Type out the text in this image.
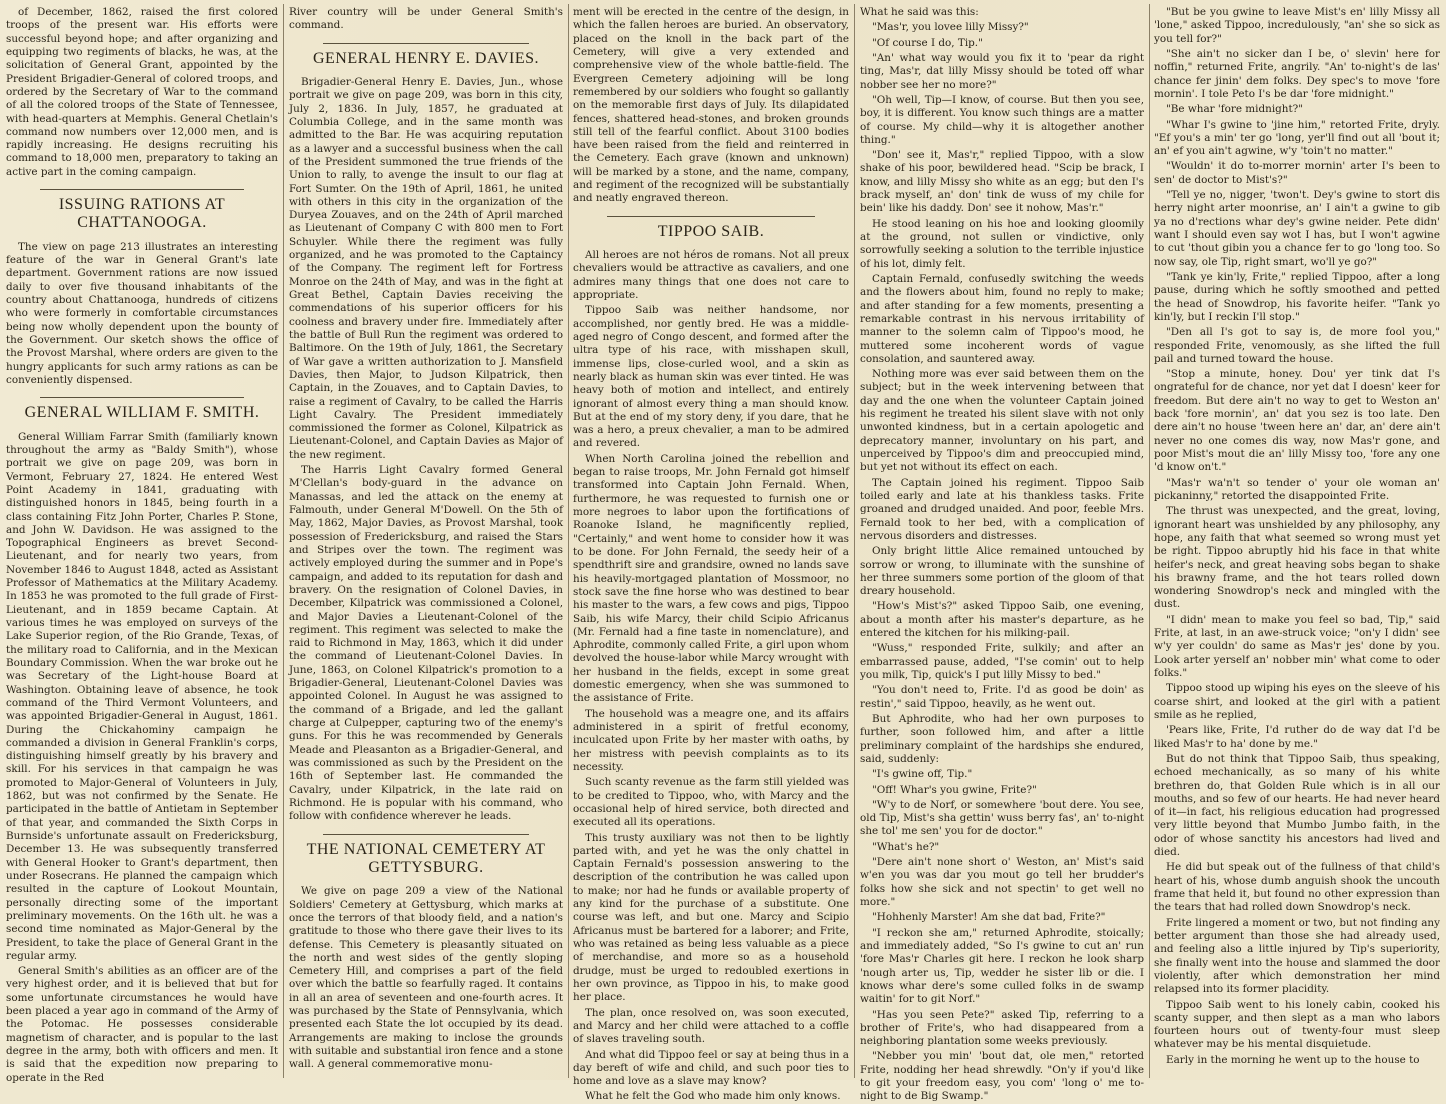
of December, 1862, raised the first colored troops of the present war. His efforts were successful beyond hope; and after organizing and equipping two regiments of blacks, he was, at the solicitation of General Grant, appointed by the President Brigadier-General of colored troops, and ordered by the Secretary of War to the command of all the colored troops of the State of Tennessee, with head-quarters at Memphis. General Chetlain's command now numbers over 12,000 men, and is rapidly increasing. He designs recruiting his command to 18,000 men, preparatory to taking an active part in the coming campaign.

ISSUING RATIONS AT CHATTANOOGA.

The view on page 213 illustrates an interesting feature of the war in General Grant's late department. Government rations are now issued daily to over five thousand inhabitants of the country about Chattanooga, hundreds of citizens who were formerly in comfortable circumstances being now wholly dependent upon the bounty of the Government. Our sketch shows the office of the Provost Marshal, where orders are given to the hungry applicants for such army rations as can be conveniently dispensed.

GENERAL WILLIAM F. SMITH.

General William Farrar Smith (familiarly known throughout the army as "Baldy Smith"), whose portrait we give on page 209, was born in Vermont, February 27, 1824. He entered West Point Academy in 1841, graduating with distinguished honors in 1845, being fourth in a class containing Fitz John Porter, Charles P. Stone, and John W. Davidson. He was assigned to the Topographical Engineers as brevet Second-Lieutenant, and for nearly two years, from November 1846 to August 1848, acted as Assistant Professor of Mathematics at the Military Academy. In 1853 he was promoted to the full grade of First-Lieutenant, and in 1859 became Captain. At various times he was employed on surveys of the Lake Superior region, of the Rio Grande, Texas, of the military road to California, and in the Mexican Boundary Commission. When the war broke out he was Secretary of the Light-house Board at Washington. Obtaining leave of absence, he took command of the Third Vermont Volunteers, and was appointed Brigadier-General in August, 1861. During the Chickahominy campaign he commanded a division in General Franklin's corps, distinguishing himself greatly by his bravery and skill. For his services in that campaign he was promoted to Major-General of Volunteers in July, 1862, but was not confirmed by the Senate. He participated in the battle of Antietam in September of that year, and commanded the Sixth Corps in Burnside's unfortunate assault on Fredericksburg, December 13. He was subsequently transferred with General Hooker to Grant's department, then under Rosecrans. He planned the campaign which resulted in the capture of Lookout Mountain, personally directing some of the important preliminary movements. On the 16th ult. he was a second time nominated as Major-General by the President, to take the place of General Grant in the regular army.

General Smith's abilities as an officer are of the very highest order, and it is believed that but for some unfortunate circumstances he would have been placed a year ago in command of the Army of the Potomac. He possesses considerable magnetism of character, and is popular to the last degree in the army, both with officers and men. It is said that the expedition now preparing to operate in the Red

River country will be under General Smith's command.

GENERAL HENRY E. DAVIES.

Brigadier-General Henry E. Davies, Jun., whose portrait we give on page 209, was born in this city, July 2, 1836. In July, 1857, he graduated at Columbia College, and in the same month was admitted to the Bar. He was acquiring reputation as a lawyer and a successful business when the call of the President summoned the true friends of the Union to rally, to avenge the insult to our flag at Fort Sumter. On the 19th of April, 1861, he united with others in this city in the organization of the Duryea Zouaves, and on the 24th of April marched as Lieutenant of Company C with 800 men to Fort Schuyler. While there the regiment was fully organized, and he was promoted to the Captaincy of the Company. The regiment left for Fortress Monroe on the 24th of May, and was in the fight at Great Bethel, Captain Davies receiving the commendations of his superior officers for his coolness and bravery under fire. Immediately after the battle of Bull Run the regiment was ordered to Baltimore. On the 19th of July, 1861, the Secretary of War gave a written authorization to J. Mansfield Davies, then Major, to Judson Kilpatrick, then Captain, in the Zouaves, and to Captain Davies, to raise a regiment of Cavalry, to be called the Harris Light Cavalry. The President immediately commissioned the former as Colonel, Kilpatrick as Lieutenant-Colonel, and Captain Davies as Major of the new regiment.

The Harris Light Cavalry formed General M'Clellan's body-guard in the advance on Manassas, and led the attack on the enemy at Falmouth, under General M'Dowell. On the 5th of May, 1862, Major Davies, as Provost Marshal, took possession of Fredericksburg, and raised the Stars and Stripes over the town. The regiment was actively employed during the summer and in Pope's campaign, and added to its reputation for dash and bravery. On the resignation of Colonel Davies, in December, Kilpatrick was commissioned a Colonel, and Major Davies a Lieutenant-Colonel of the regiment. This regiment was selected to make the raid to Richmond in May, 1863, which it did under the command of Lieutenant-Colonel Davies. In June, 1863, on Colonel Kilpatrick's promotion to a Brigadier-General, Lieutenant-Colonel Davies was appointed Colonel. In August he was assigned to the command of a Brigade, and led the gallant charge at Culpepper, capturing two of the enemy's guns. For this he was recommended by Generals Meade and Pleasanton as a Brigadier-General, and was commissioned as such by the President on the 16th of September last. He commanded the Cavalry, under Kilpatrick, in the late raid on Richmond. He is popular with his command, who follow with confidence wherever he leads.

THE NATIONAL CEMETERY AT GETTYSBURG.

We give on page 209 a view of the National Soldiers' Cemetery at Gettysburg, which marks at once the terrors of that bloody field, and a nation's gratitude to those who there gave their lives to its defense. This Cemetery is pleasantly situated on the north and west sides of the gently sloping Cemetery Hill, and comprises a part of the field over which the battle so fearfully raged. It contains in all an area of seventeen and one-fourth acres. It was purchased by the State of Pennsylvania, which presented each State the lot occupied by its dead. Arrangements are making to inclose the grounds with suitable and substantial iron fence and a stone wall. A general commemorative monu-

ment will be erected in the centre of the design, in which the fallen heroes are buried. An observatory, placed on the knoll in the back part of the Cemetery, will give a very extended and comprehensive view of the whole battle-field. The Evergreen Cemetery adjoining will be long remembered by our soldiers who fought so gallantly on the memorable first days of July. Its dilapidated fences, shattered head-stones, and broken grounds still tell of the fearful conflict. About 3100 bodies have been raised from the field and reinterred in the Cemetery. Each grave (known and unknown) will be marked by a stone, and the name, company, and regiment of the recognized will be substantially and neatly engraved thereon.

TIPPOO SAIB.

All heroes are not héros de romans. Not all preux chevaliers would be attractive as cavaliers, and one admires many things that one does not care to appropriate.

Tippoo Saib was neither handsome, nor accomplished, nor gently bred. He was a middle-aged negro of Congo descent, and formed after the ultra type of his race, with misshapen skull, immense lips, close-curled wool, and a skin as nearly black as human skin was ever tinted. He was heavy both of motion and intellect, and entirely ignorant of almost every thing a man should know. But at the end of my story deny, if you dare, that he was a hero, a preux chevalier, a man to be admired and revered.

When North Carolina joined the rebellion and began to raise troops, Mr. John Fernald got himself transformed into Captain John Fernald. When, furthermore, he was requested to furnish one or more negroes to labor upon the fortifications of Roanoke Island, he magnificently replied, "Certainly," and went home to consider how it was to be done. For John Fernald, the seedy heir of a spendthrift sire and grandsire, owned no lands save his heavily-mortgaged plantation of Mossmoor, no stock save the fine horse who was destined to bear his master to the wars, a few cows and pigs, Tippoo Saib, his wife Marcy, their child Scipio Africanus (Mr. Fernald had a fine taste in nomenclature), and Aphrodite, commonly called Frite, a girl upon whom devolved the house-labor while Marcy wrought with her husband in the fields, except in some great domestic emergency, when she was summoned to the assistance of Frite.

The household was a meagre one, and its affairs administered in a spirit of fretful economy, inculcated upon Frite by her master with oaths, by her mistress with peevish complaints as to its necessity.

Such scanty revenue as the farm still yielded was to be credited to Tippoo, who, with Marcy and the occasional help of hired service, both directed and executed all its operations.

This trusty auxiliary was not then to be lightly parted with, and yet he was the only chattel in Captain Fernald's possession answering to the description of the contribution he was called upon to make; nor had he funds or available property of any kind for the purchase of a substitute. One course was left, and but one. Marcy and Scipio Africanus must be bartered for a laborer; and Frite, who was retained as being less valuable as a piece of merchandise, and more so as a household drudge, must be urged to redoubled exertions in her own province, as Tippoo in his, to make good her place.

The plan, once resolved on, was soon executed, and Marcy and her child were attached to a coffle of slaves traveling south.

And what did Tippoo feel or say at being thus in a day bereft of wife and child, and such poor ties to home and love as a slave may know?

What he felt the God who made him only knows.

What he said was this:

"Mas'r, you lovee lilly Missy?"

"Of course I do, Tip."

"An' what way would you fix it to 'pear da right ting, Mas'r, dat lilly Missy should be toted off whar nobber see her no more?"

"Oh well, Tip—I know, of course. But then you see, boy, it is different. You know such things are a matter of course. My child—why it is altogether another thing."

"Don' see it, Mas'r," replied Tippoo, with a slow shake of his poor, bewildered head. "Scip be brack, I know, and lilly Missy sho white as an egg; but den I's brack myself, an' don' tink de wuss of my chile for bein' like his daddy. Don' see it nohow, Mas'r."

He stood leaning on his hoe and looking gloomily at the ground, not sullen or vindictive, only sorrowfully seeking a solution to the terrible injustice of his lot, dimly felt.

Captain Fernald, confusedly switching the weeds and the flowers about him, found no reply to make; and after standing for a few moments, presenting a remarkable contrast in his nervous irritability of manner to the solemn calm of Tippoo's mood, he muttered some incoherent words of vague consolation, and sauntered away.

Nothing more was ever said between them on the subject; but in the week intervening between that day and the one when the volunteer Captain joined his regiment he treated his silent slave with not only unwonted kindness, but in a certain apologetic and deprecatory manner, involuntary on his part, and unperceived by Tippoo's dim and preoccupied mind, but yet not without its effect on each.

The Captain joined his regiment. Tippoo Saib toiled early and late at his thankless tasks. Frite groaned and drudged unaided. And poor, feeble Mrs. Fernald took to her bed, with a complication of nervous disorders and distresses.

Only bright little Alice remained untouched by sorrow or wrong, to illuminate with the sunshine of her three summers some portion of the gloom of that dreary household.

"How's Mist's?" asked Tippoo Saib, one evening, about a month after his master's departure, as he entered the kitchen for his milking-pail.

"Wuss," responded Frite, sulkily; and after an embarrassed pause, added, "I'se comin' out to help you milk, Tip, quick's I put lilly Missy to bed."

"You don't need to, Frite. I'd as good be doin' as restin'," said Tippoo, heavily, as he went out.

But Aphrodite, who had her own purposes to further, soon followed him, and after a little preliminary complaint of the hardships she endured, said, suddenly:

"I's gwine off, Tip."

"Off! Whar's you gwine, Frite?"

"W'y to de Norf, or somewhere 'bout dere. You see, old Tip, Mist's sha gettin' wuss berry fas', an' to-night she tol' me sen' you for de doctor."

"What's he?"

"Dere ain't none short o' Weston, an' Mist's said w'en you was dar you mout go tell her brudder's folks how she sick and not spectin' to get well no more."

"Hohhenly Marster! Am she dat bad, Frite?"

"I reckon she am," returned Aphrodite, stoically; and immediately added, "So I's gwine to cut an' run 'fore Mas'r Charles git here. I reckon he look sharp 'nough arter us, Tip, wedder he sister lib or die. I knows whar dere's some culled folks in de swamp waitin' for to git Norf."

"Has you seen Pete?" asked Tip, referring to a brother of Frite's, who had disappeared from a neighboring plantation some weeks previously.

"Nebber you min' 'bout dat, ole men," retorted Frite, nodding her head shrewdly. "On'y if you'd like to git your freedom easy, you com' 'long o' me to-night to de Big Swamp."

"But be you gwine to leave Mist's en' lilly Missy all 'lone," asked Tippoo, incredulously, "an' she so sick as you tell for?"

"She ain't no sicker dan I be, o' slevin' here for noffin," returned Frite, angrily. "An' to-night's de las' chance fer jinin' dem folks. Dey spec's to move 'fore mornin'. I tole Peto I's be dar 'fore midnight."

"Be whar 'fore midnight?"

"Whar I's gwine to 'jine him," retorted Frite, dryly. "Ef you's a min' ter go 'long, yer'll find out all 'bout it; an' ef you ain't agwine, w'y 'toin't no matter."

"Wouldn' it do to-morrer mornin' arter I's been to sen' de doctor to Mist's?"

"Tell ye no, nigger, 'twon't. Dey's gwine to stort dis herry night arter moonrise, an' I ain't a gwine to gib ya no d'rections whar dey's gwine neider. Pete didn' want I should even say wot I has, but I won't agwine to cut 'thout gibin you a chance fer to go 'long too. So now say, ole Tip, right smart, wo'll ye go?"

"Tank ye kin'ly, Frite," replied Tippoo, after a long pause, during which he softly smoothed and petted the head of Snowdrop, his favorite heifer. "Tank yo kin'ly, but I reckin I'll stop."

"Den all I's got to say is, de more fool you," responded Frite, venomously, as she lifted the full pail and turned toward the house.

"Stop a minute, honey. Dou' yer tink dat I's ongrateful for de chance, nor yet dat I doesn' keer for freedom. But dere ain't no way to get to Weston an' back 'fore mornin', an' dat you sez is too late. Den dere ain't no house 'tween here an' dar, an' dere ain't never no one comes dis way, now Mas'r gone, and poor Mist's mout die an' lilly Missy too, 'fore any one 'd know on't."

"Mas'r wa'n't so tender o' your ole woman an' pickaninny," retorted the disappointed Frite.

The thrust was unexpected, and the great, loving, ignorant heart was unshielded by any philosophy, any hope, any faith that what seemed so wrong must yet be right. Tippoo abruptly hid his face in that white heifer's neck, and great heaving sobs began to shake his brawny frame, and the hot tears rolled down wondering Snowdrop's neck and mingled with the dust.

"I didn' mean to make you feel so bad, Tip," said Frite, at last, in an awe-struck voice; "on'y I didn' see w'y yer couldn' do same as Mas'r jes' done by you. Look arter yerself an' nobber min' what come to oder folks."

Tippoo stood up wiping his eyes on the sleeve of his coarse shirt, and looked at the girl with a patient smile as he replied,

'Pears like, Frite, I'd ruther do de way dat I'd be liked Mas'r to ha' done by me."

But do not think that Tippoo Saib, thus speaking, echoed mechanically, as so many of his white brethren do, that Golden Rule which is in all our mouths, and so few of our hearts. He had never heard of it—in fact, his religious education had progressed very little beyond that Mumbo Jumbo faith, in the odor of whose sanctity his ancestors had lived and died.

He did but speak out of the fullness of that child's heart of his, whose dumb anguish shook the uncouth frame that held it, but found no other expression than the tears that had rolled down Snowdrop's neck.

Frite lingered a moment or two, but not finding any better argument than those she had already used, and feeling also a little injured by Tip's superiority, she finally went into the house and slammed the door violently, after which demonstration her mind relapsed into its former placidity.

Tippoo Saib went to his lonely cabin, cooked his scanty supper, and then slept as a man who labors fourteen hours out of twenty-four must sleep whatever may be his mental disquietude.

Early in the morning he went up to the house to
